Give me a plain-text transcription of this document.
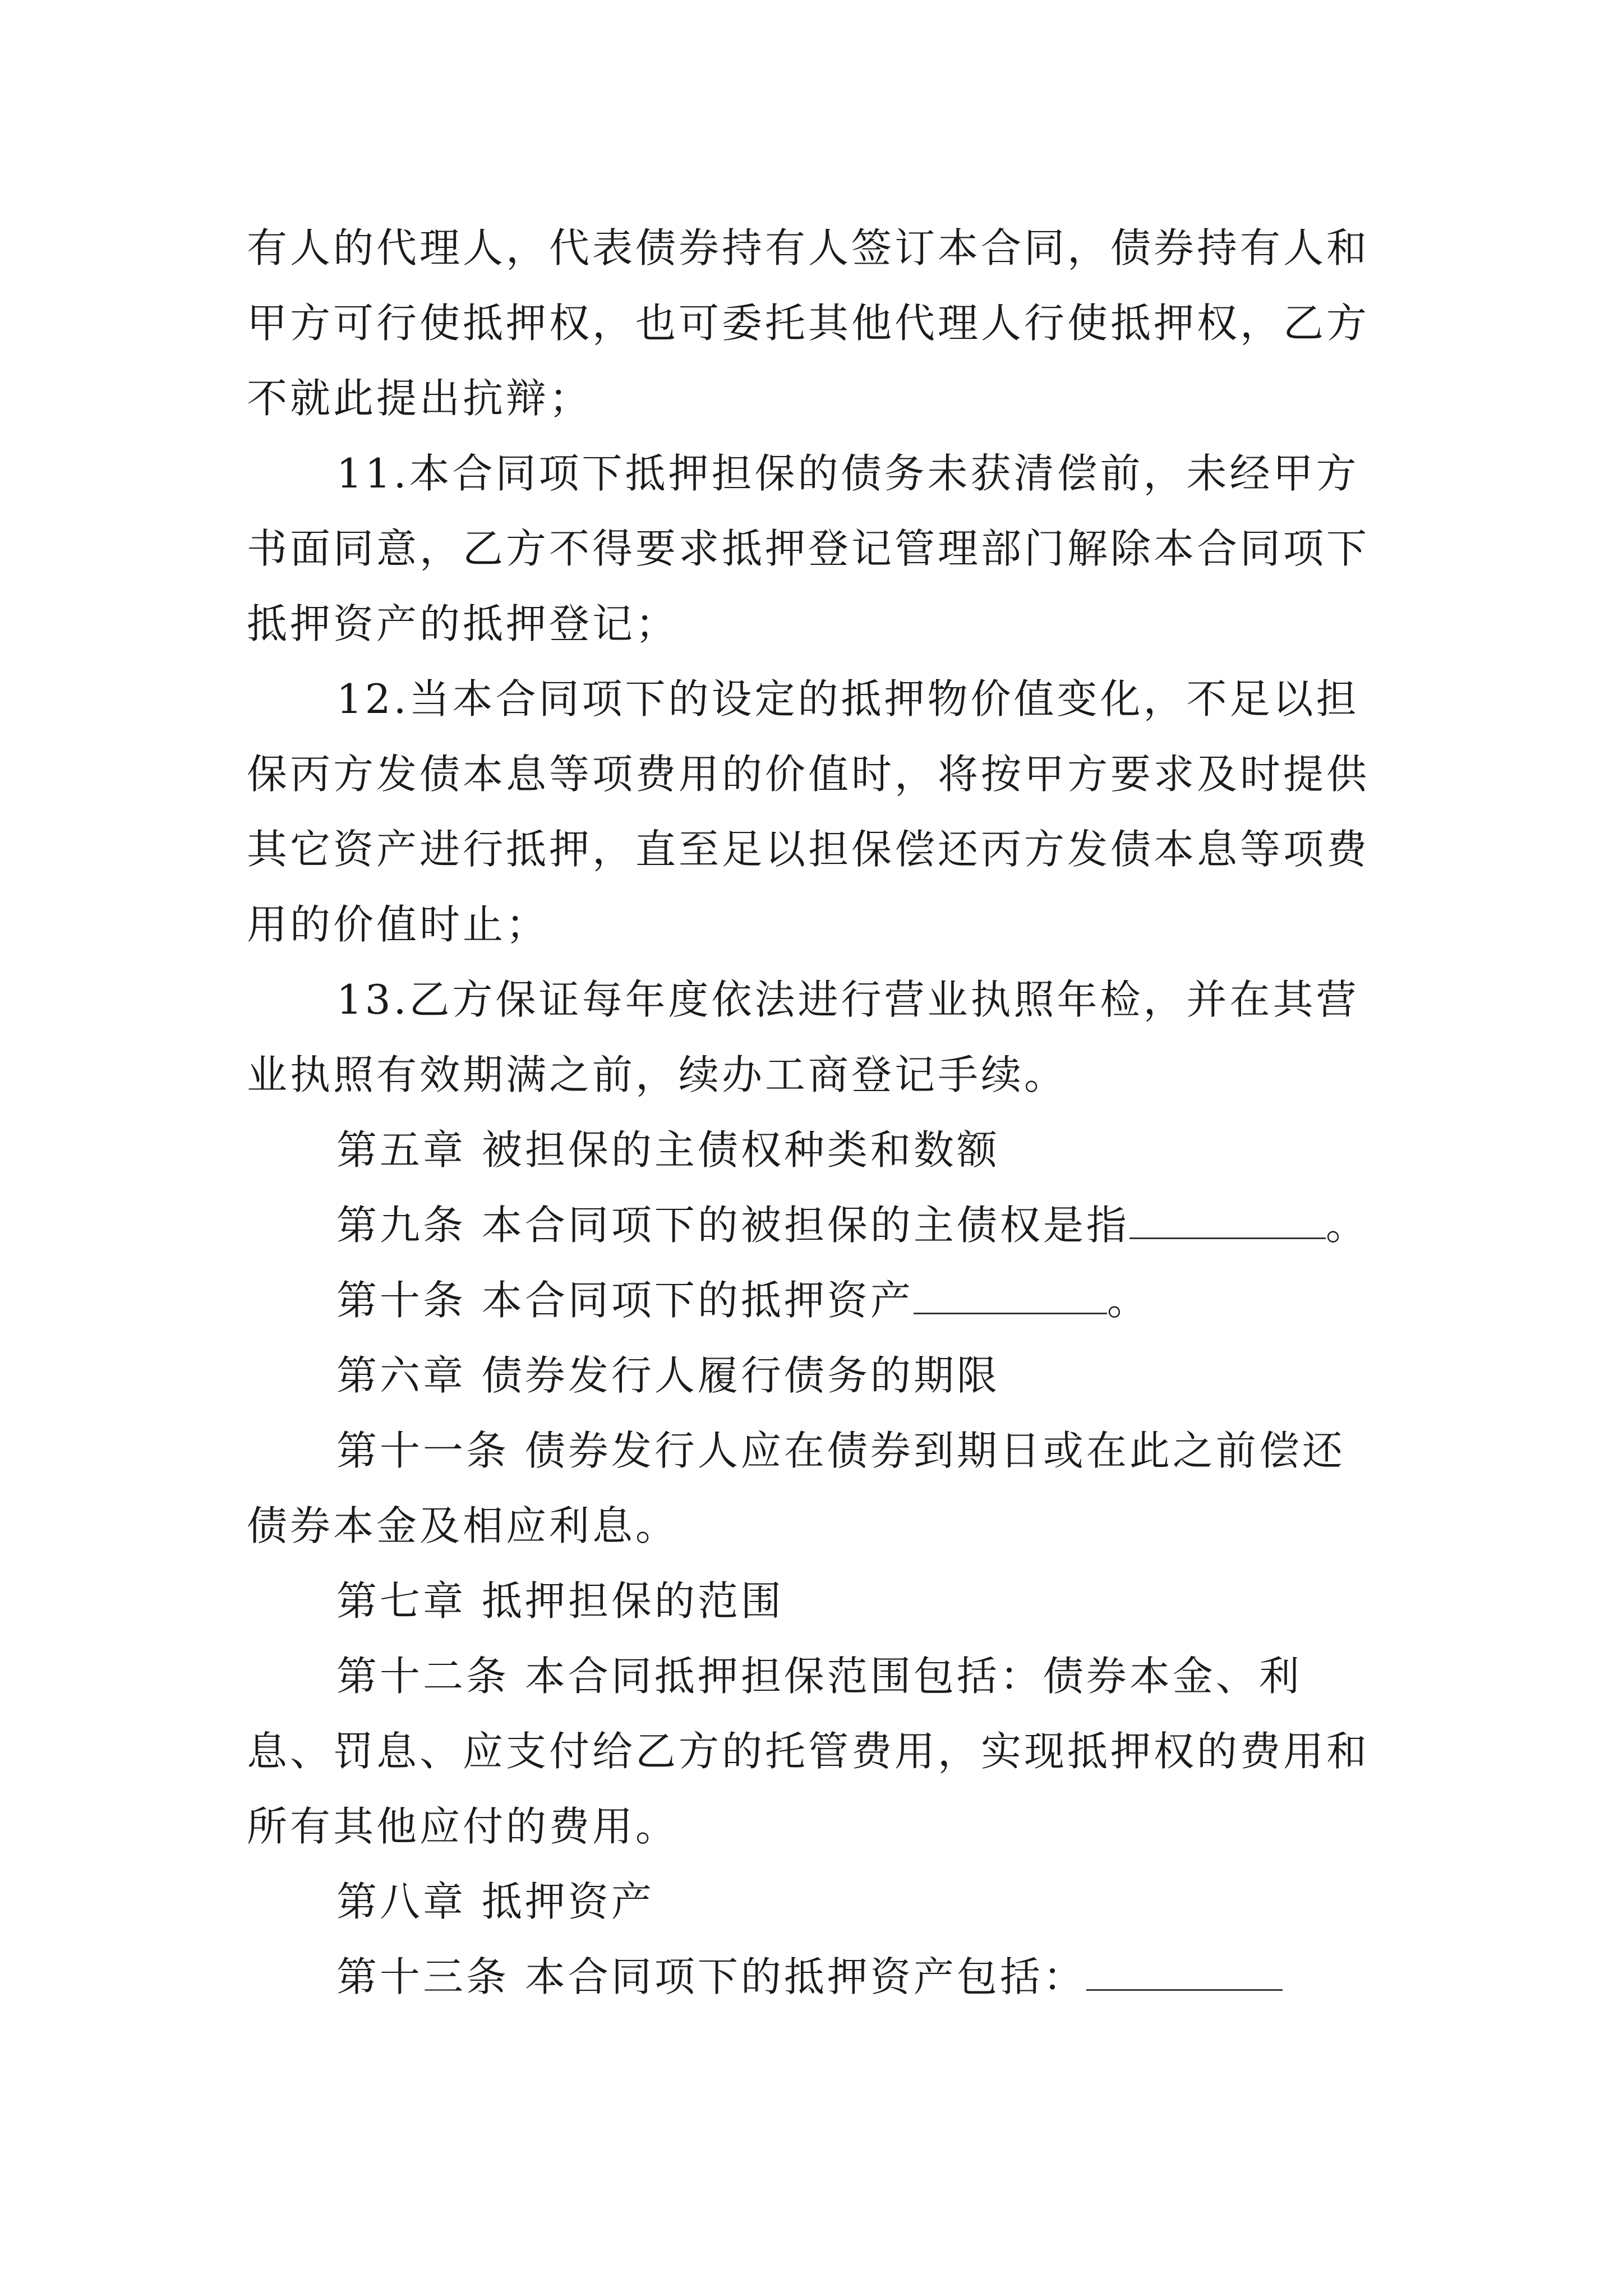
有人的代理人，代表债券持有人签订本合同，债券持有人和甲方可行使抵押权，也可委托其他代理人行使抵押权，乙方不就此提出抗辩；

11.本合同项下抵押担保的债务未获清偿前，未经甲方书面同意，乙方不得要求抵押登记管理部门解除本合同项下抵押资产的抵押登记；

12.当本合同项下的设定的抵押物价值变化，不足以担保丙方发债本息等项费用的价值时，将按甲方要求及时提供其它资产进行抵押，直至足以担保偿还丙方发债本息等项费用的价值时止；

13.乙方保证每年度依法进行营业执照年检，并在其营业执照有效期满之前，续办工商登记手续。

第五章 被担保的主债权种类和数额

第九条 本合同项下的被担保的主债权是指	。

第十条 本合同项下的抵押资产	。

第六章 债券发行人履行债务的期限

第十一条 债券发行人应在债券到期日或在此之前偿还债券本金及相应利息。

第七章 抵押担保的范围

第十二条 本合同抵押担保范围包括：债券本金、利息、罚息、应支付给乙方的托管费用，实现抵押权的费用和所有其他应付的费用。

第八章 抵押资产

第十三条 本合同项下的抵押资产包括：
